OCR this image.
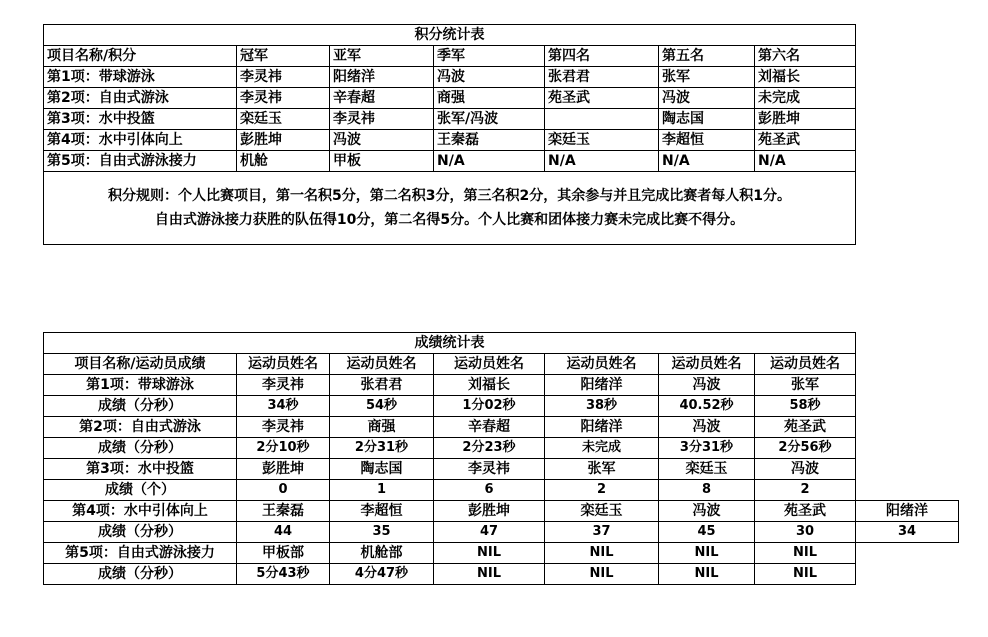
积分统计表						
项目名称/积分	冠军	亚军	季军	第四名	第五名	第六名
第1项：带球游泳	李灵祎	阳绪洋	冯波	张君君	张军	刘福长
第2项：自由式游泳	李灵祎	辛春超	商强	苑圣武	冯波	未完成
第3项：水中投篮	栾廷玉	李灵祎	张军/冯波		陶志国	彭胜坤
第4项：水中引体向上	彭胜坤	冯波	王秦磊	栾廷玉	李超恒	苑圣武
第5项：自由式游泳接力	机舱	甲板	N/A	N/A	N/A	N/A

积分规则：个人比赛项目，第一名积5分，第二名积3分，第三名积2分，其余参与并且完成比赛者每人积1分。
自由式游泳接力获胜的队伍得10分，第二名得5分。个人比赛和团体接力赛未完成比赛不得分。						
成绩统计表							
项目名称/运动员成绩	运动员姓名	运动员姓名	运动员姓名	运动员姓名	运动员姓名	运动员姓名	
第1项：带球游泳	李灵祎	张君君	刘福长	阳绪洋	冯波	张军	
成绩（分秒）	34秒	54秒	1分02秒	38秒	40.52秒	58秒	
第2项：自由式游泳	李灵祎	商强	辛春超	阳绪洋	冯波	苑圣武	
成绩（分秒）	2分10秒	2分31秒	2分23秒	未完成	3分31秒	2分56秒	
第3项：水中投篮	彭胜坤	陶志国	李灵祎	张军	栾廷玉	冯波	
成绩（个）	0	1	6	2	8	2	
第4项：水中引体向上	王秦磊	李超恒	彭胜坤	栾廷玉	冯波	苑圣武	阳绪洋
成绩（分秒）	44	35	47	37	45	30	34
第5项：自由式游泳接力	甲板部	机舱部	NIL	NIL	NIL	NIL	
成绩（分秒）	5分43秒	4分47秒	NIL	NIL	NIL	NIL	
